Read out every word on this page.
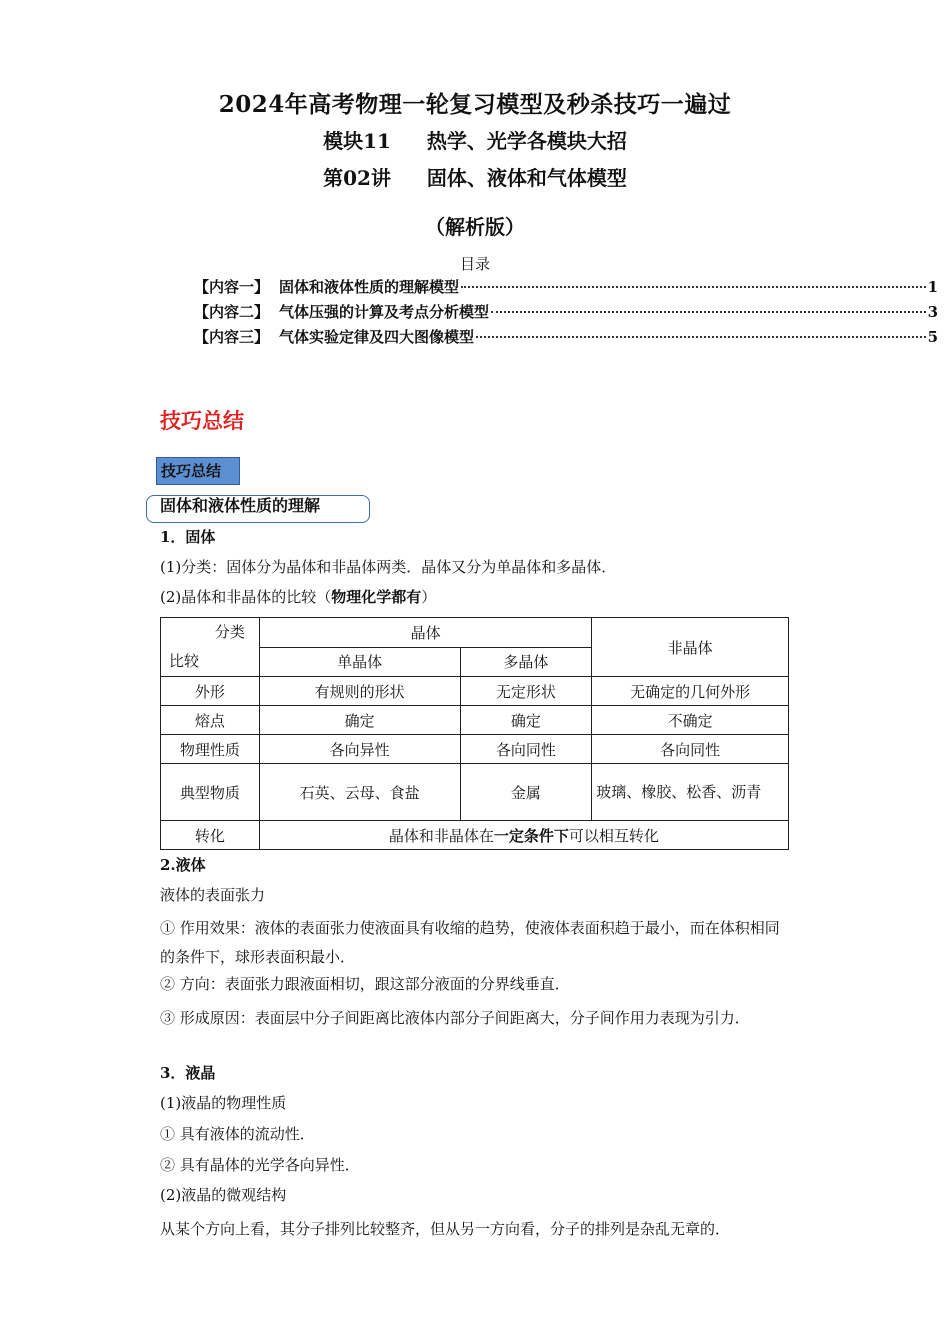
2024年高考物理一轮复习模型及秒杀技巧一遍过
模块11 热学、光学各模块大招
第02讲 固体、液体和气体模型
（解析版）
目录
【内容一】 固体和液体性质的理解模型	1
【内容二】 气体压强的计算及考点分析模型	3
【内容三】 气体实验定律及四大图像模型	5
技巧总结
技巧总结
固体和液体性质的理解
1．固体
(1)分类：固体分为晶体和非晶体两类．晶体又分为单晶体和多晶体．
(2)晶体和非晶体的比较（物理化学都有）
分类
比较	晶体		非晶体
	单晶体	多晶体	
外形	有规则的形状	无定形状	无确定的几何外形
熔点	确定	确定	不确定
物理性质	各向异性	各向同性	各向同性
典型物质	石英、云母、食盐	金属	玻璃、橡胶、松香、沥青
转化	晶体和非晶体在一定条件下可以相互转化		
2.液体
液体的表面张力
① 作用效果：液体的表面张力使液面具有收缩的趋势，使液体表面积趋于最小，而在体积相同的条件下，球形表面积最小．
② 方向：表面张力跟液面相切，跟这部分液面的分界线垂直．
③ 形成原因：表面层中分子间距离比液体内部分子间距离大，分子间作用力表现为引力．
3．液晶
(1)液晶的物理性质
① 具有液体的流动性．
② 具有晶体的光学各向异性．
(2)液晶的微观结构
从某个方向上看，其分子排列比较整齐，但从另一方向看，分子的排列是杂乱无章的．
